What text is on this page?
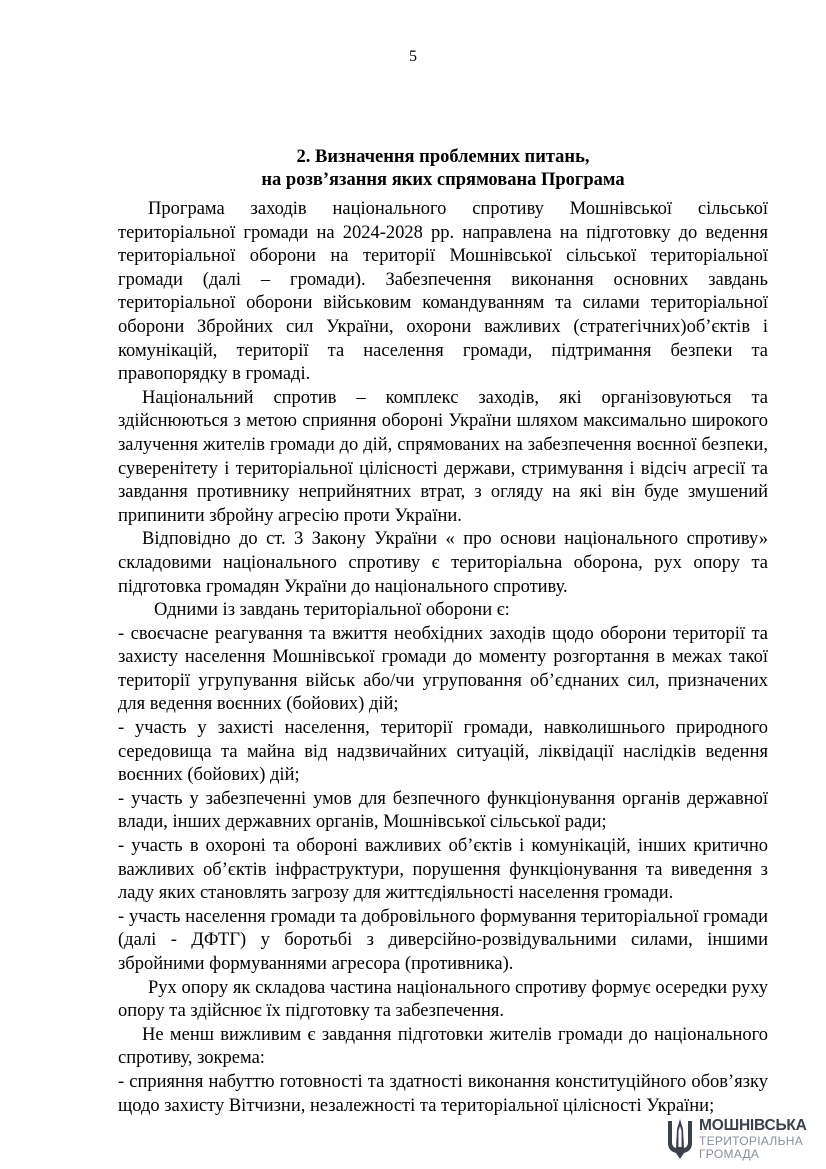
5
2. Визначення проблемних питань,
на розв’язання яких спрямована Програма

Програма заходів національного спротиву Мошнівської сільської територіальної громади на 2024-2028 рр. направлена на підготовку до ведення територіальної оборони на території Мошнівської сільської територіальної громади (далі – громади). Забезпечення виконання основних завдань територіальної оборони військовим командуванням та силами територіальної оборони Збройних сил України, охорони важливих (стратегічних)об’єктів і комунікацій, території та населення громади, підтримання безпеки та правопорядку в громаді.

Національний спротив – комплекс заходів, які організовуються та здійснюються з метою сприяння обороні України шляхом максимально широкого залучення жителів громади до дій, спрямованих на забезпечення воєнної безпеки, суверенітету і територіальної цілісності держави, стримування і відсіч агресії та завдання противнику неприйнятних втрат, з огляду на які він буде змушений припинити збройну агресію проти України.

Відповідно до ст. 3 Закону України « про основи національного спротиву» складовими національного спротиву є територіальна оборона, рух опору та підготовка громадян України до національного спротиву.

Одними із завдань територіальної оборони є:

- своєчасне реагування та вжиття необхідних заходів щодо оборони території та захисту населення Мошнівської громади до моменту розгортання в межах такої території угрупування військ або/чи угруповання об’єднаних сил, призначених для ведення воєнних (бойових) дій;

- участь у захисті населення, території громади, навколишнього природного середовища та майна від надзвичайних ситуацій, ліквідації наслідків ведення воєнних (бойових) дій;

- участь у забезпеченні умов для безпечного функціонування органів державної влади, інших державних органів, Мошнівської сільської ради;

- участь в охороні та обороні важливих об’єктів і комунікацій, інших критично важливих об’єктів інфраструктури, порушення функціонування та виведення з ладу яких становлять загрозу для життєдіяльності населення громади.

- участь населення громади та добровільного формування територіальної громади (далі - ДФТГ) у боротьбі з диверсійно-розвідувальними силами, іншими збройними формуваннями агресора (противника).

Рух опору як складова частина національного спротиву формує осередки руху опору та здійснює їх підготовку та забезпечення.

Не менш вижливим є завдання підготовки жителів громади до національного спротиву, зокрема:

- сприяння набуттю готовності та здатності виконання конституційного обов’язку щодо захисту Вітчизни, незалежності та територіальної цілісності України;

МОШНІВСЬКА
ТЕРИТОРІАЛЬНА
ГРОМАДА
